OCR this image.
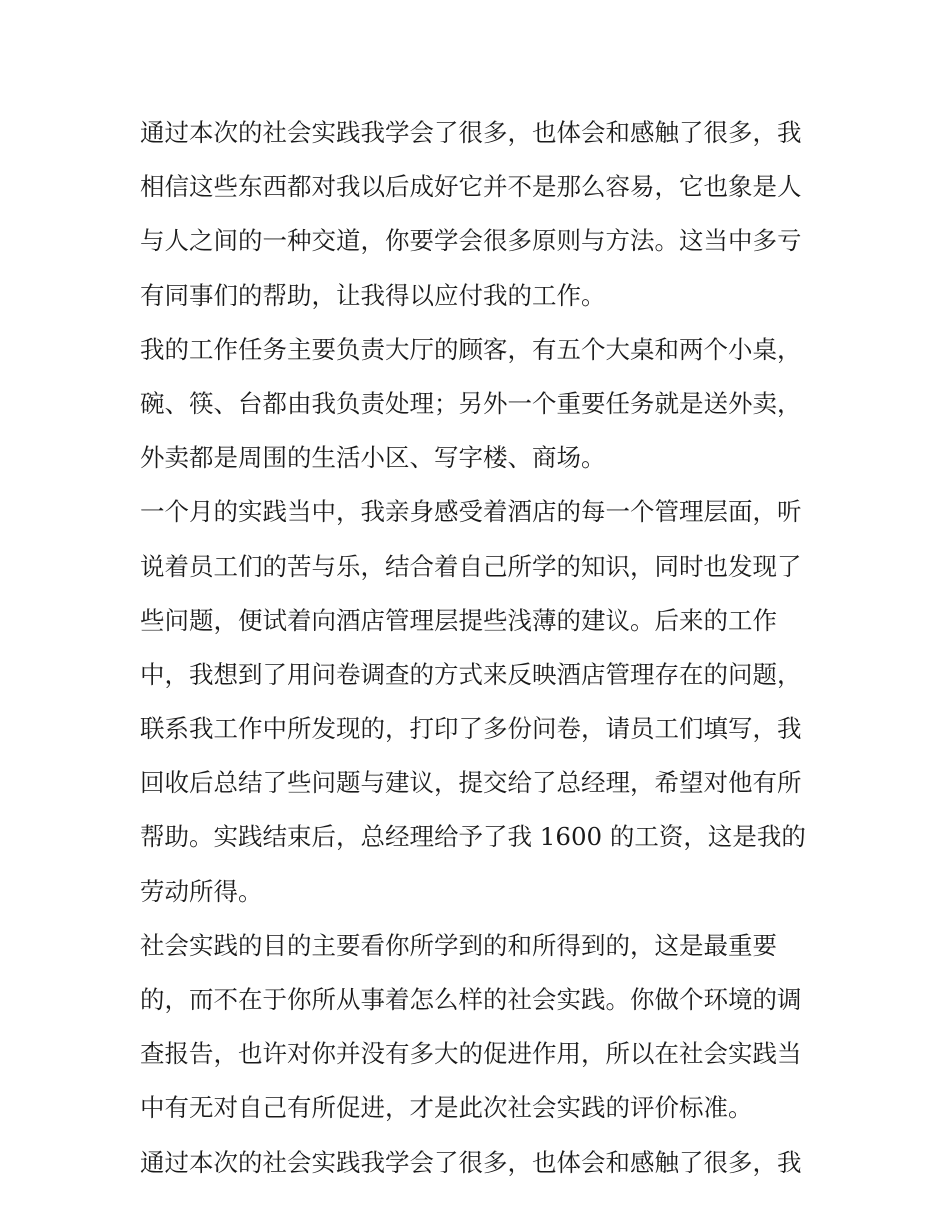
通过本次的社会实践我学会了很多，也体会和感触了很多，我
相信这些东西都对我以后成好它并不是那么容易，它也象是人
与人之间的一种交道，你要学会很多原则与方法。这当中多亏
有同事们的帮助，让我得以应付我的工作。
我的工作任务主要负责大厅的顾客，有五个大桌和两个小桌，
碗、筷、台都由我负责处理；另外一个重要任务就是送外卖，
外卖都是周围的生活小区、写字楼、商场。
一个月的实践当中，我亲身感受着酒店的每一个管理层面，听
说着员工们的苦与乐，结合着自己所学的知识，同时也发现了
些问题，便试着向酒店管理层提些浅薄的建议。后来的工作
中，我想到了用问卷调查的方式来反映酒店管理存在的问题，
联系我工作中所发现的，打印了多份问卷，请员工们填写，我
回收后总结了些问题与建议，提交给了总经理，希望对他有所
帮助。实践结束后，总经理给予了我 1600 的工资，这是我的
劳动所得。
社会实践的目的主要看你所学到的和所得到的，这是最重要
的，而不在于你所从事着怎么样的社会实践。你做个环境的调
查报告，也许对你并没有多大的促进作用，所以在社会实践当
中有无对自己有所促进，才是此次社会实践的评价标准。
通过本次的社会实践我学会了很多，也体会和感触了很多，我
